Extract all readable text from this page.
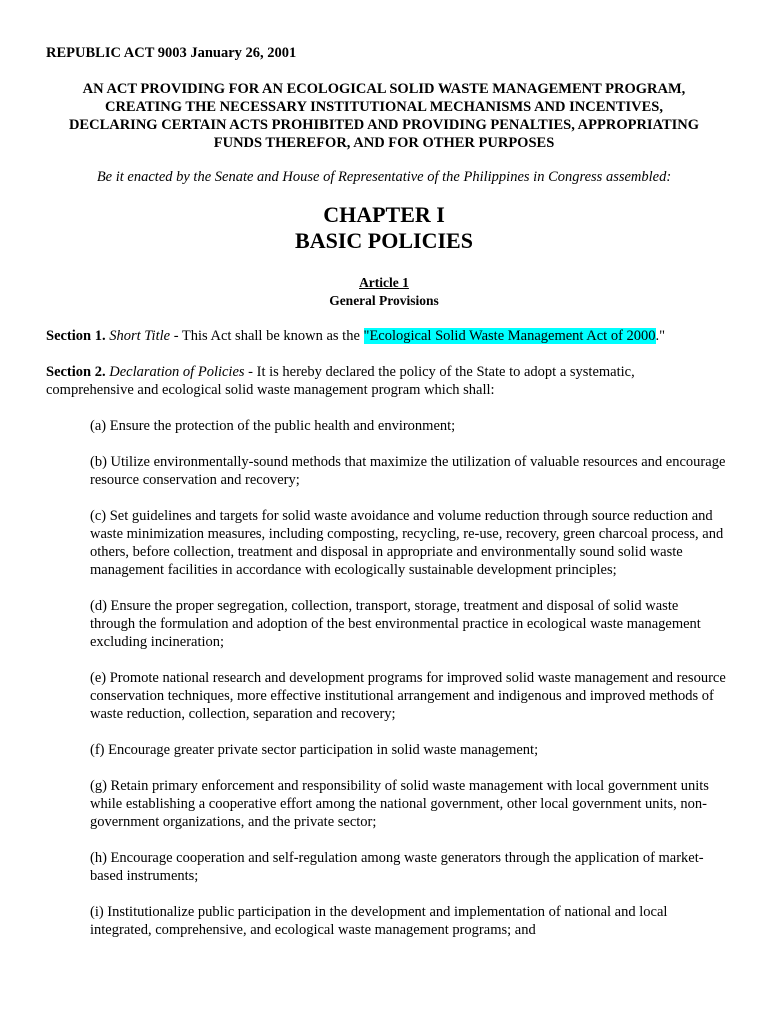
REPUBLIC ACT 9003 January 26, 2001
AN ACT PROVIDING FOR AN ECOLOGICAL SOLID WASTE MANAGEMENT PROGRAM,
CREATING THE NECESSARY INSTITUTIONAL MECHANISMS AND INCENTIVES,
DECLARING CERTAIN ACTS PROHIBITED AND PROVIDING PENALTIES, APPROPRIATING
FUNDS THEREFOR, AND FOR OTHER PURPOSES
Be it enacted by the Senate and House of Representative of the Philippines in Congress assembled:
CHAPTER I
BASIC POLICIES
Article 1
General Provisions
Section 1. Short Title - This Act shall be known as the "Ecological Solid Waste Management Act of 2000."
Section 2. Declaration of Policies - It is hereby declared the policy of the State to adopt a systematic, comprehensive and ecological solid waste management program which shall:
(a) Ensure the protection of the public health and environment;
(b) Utilize environmentally-sound methods that maximize the utilization of valuable resources and encourage resource conservation and recovery;
(c) Set guidelines and targets for solid waste avoidance and volume reduction through source reduction and waste minimization measures, including composting, recycling, re-use, recovery, green charcoal process, and others, before collection, treatment and disposal in appropriate and environmentally sound solid waste management facilities in accordance with ecologically sustainable development principles;
(d) Ensure the proper segregation, collection, transport, storage, treatment and disposal of solid waste through the formulation and adoption of the best environmental practice in ecological waste management excluding incineration;
(e) Promote national research and development programs for improved solid waste management and resource conservation techniques, more effective institutional arrangement and indigenous and improved methods of waste reduction, collection, separation and recovery;
(f) Encourage greater private sector participation in solid waste management;
(g) Retain primary enforcement and responsibility of solid waste management with local government units while establishing a cooperative effort among the national government, other local government units, non- government organizations, and the private sector;
(h) Encourage cooperation and self-regulation among waste generators through the application of market-based instruments;
(i) Institutionalize public participation in the development and implementation of national and local integrated, comprehensive, and ecological waste management programs; and
